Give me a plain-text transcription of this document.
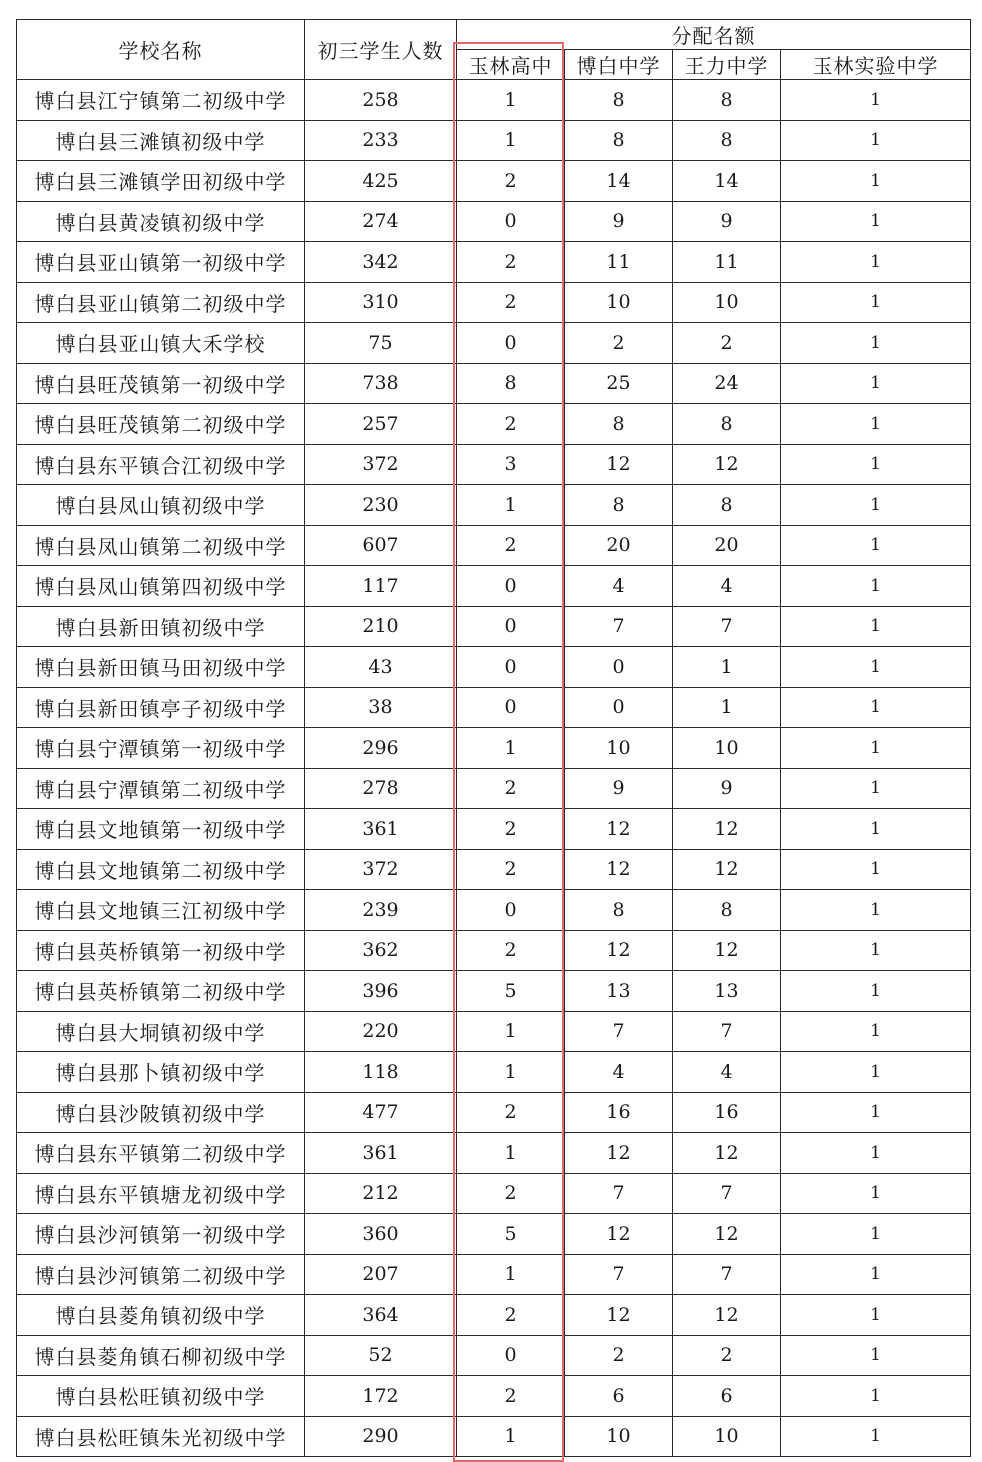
学校名称	初三学生人数	分配名额			
		玉林高中	博白中学	王力中学	玉林实验中学
博白县江宁镇第二初级中学	258	1	8	8	1
博白县三滩镇初级中学	233	1	8	8	1
博白县三滩镇学田初级中学	425	2	14	14	1
博白县黄凌镇初级中学	274	0	9	9	1
博白县亚山镇第一初级中学	342	2	11	11	1
博白县亚山镇第二初级中学	310	2	10	10	1
博白县亚山镇大禾学校	75	0	2	2	1
博白县旺茂镇第一初级中学	738	8	25	24	1
博白县旺茂镇第二初级中学	257	2	8	8	1
博白县东平镇合江初级中学	372	3	12	12	1
博白县凤山镇初级中学	230	1	8	8	1
博白县凤山镇第二初级中学	607	2	20	20	1
博白县凤山镇第四初级中学	117	0	4	4	1
博白县新田镇初级中学	210	0	7	7	1
博白县新田镇马田初级中学	43	0	0	1	1
博白县新田镇亭子初级中学	38	0	0	1	1
博白县宁潭镇第一初级中学	296	1	10	10	1
博白县宁潭镇第二初级中学	278	2	9	9	1
博白县文地镇第一初级中学	361	2	12	12	1
博白县文地镇第二初级中学	372	2	12	12	1
博白县文地镇三江初级中学	239	0	8	8	1
博白县英桥镇第一初级中学	362	2	12	12	1
博白县英桥镇第二初级中学	396	5	13	13	1
博白县大垌镇初级中学	220	1	7	7	1
博白县那卜镇初级中学	118	1	4	4	1
博白县沙陂镇初级中学	477	2	16	16	1
博白县东平镇第二初级中学	361	1	12	12	1
博白县东平镇塘龙初级中学	212	2	7	7	1
博白县沙河镇第一初级中学	360	5	12	12	1
博白县沙河镇第二初级中学	207	1	7	7	1
博白县菱角镇初级中学	364	2	12	12	1
博白县菱角镇石柳初级中学	52	0	2	2	1
博白县松旺镇初级中学	172	2	6	6	1
博白县松旺镇朱光初级中学	290	1	10	10	1
